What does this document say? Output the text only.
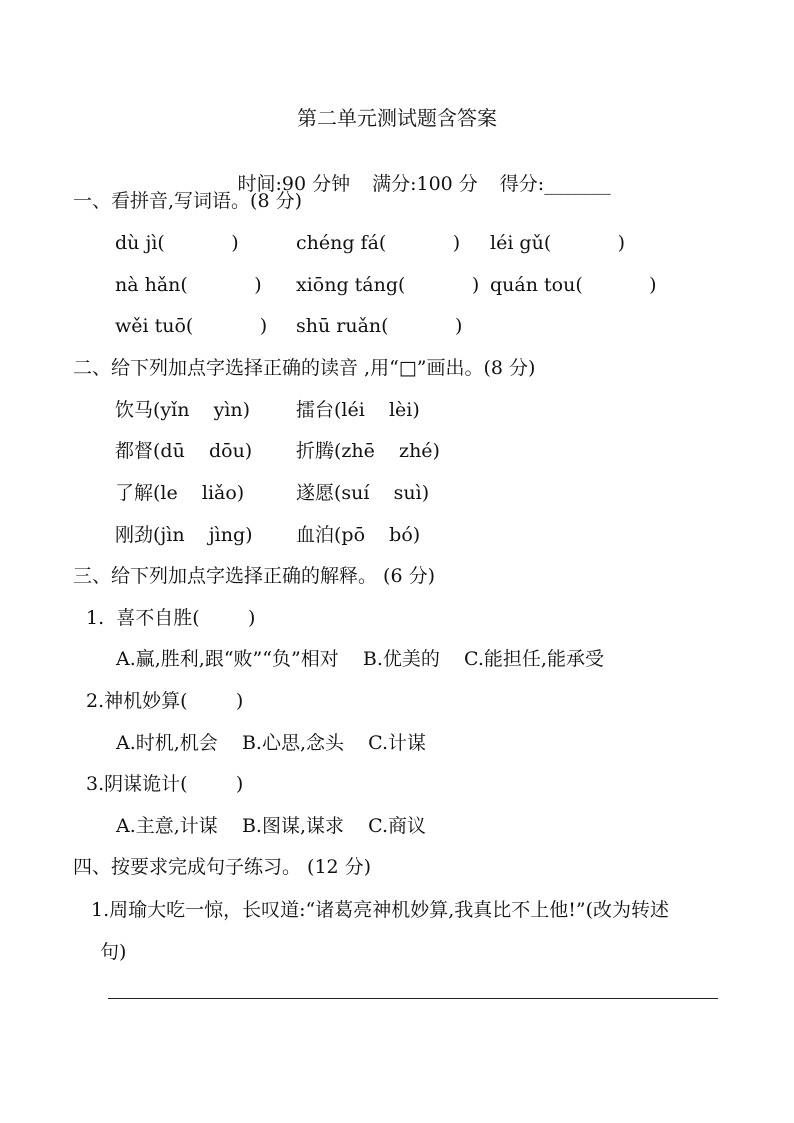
第二单元测试题含答案

时间:90 分钟 满分:100 分 得分:_______

一、看拼音,写词语。(8 分)
dù jì(           )	chéng fá(           ) léi gǔ(           )
nà hǎn(           ) xiōng táng(           ) quán tou(           )
wěi tuō(           ) shū ruǎn(           )
二、给下列加点字选择正确的读音 ,用“□”画出。(8 分)
饮马(yǐn    yìn) 擂台(léi    lèi)
都督(dū    dōu) 折腾(zhē    zhé)
了解(le    liǎo)	遂愿(suí    suì)
刚劲(jìn    jìng) 血泊(pō    bó)
三、给下列加点字选择正确的解释。 (6 分)
1.  喜不自胜(        )
A.赢,胜利,跟“败”“负”相对    B.优美的    C.能担任,能承受
2.神机妙算(        )
A.时机,机会    B.心思,念头    C.计谋
3.阴谋诡计(        )
A.主意,计谋    B.图谋,谋求    C.商议
四、按要求完成句子练习。 (12 分)
1.周瑜大吃一惊，长叹道:“诸葛亮神机妙算,我真比不上他!”(改为转述
句)
